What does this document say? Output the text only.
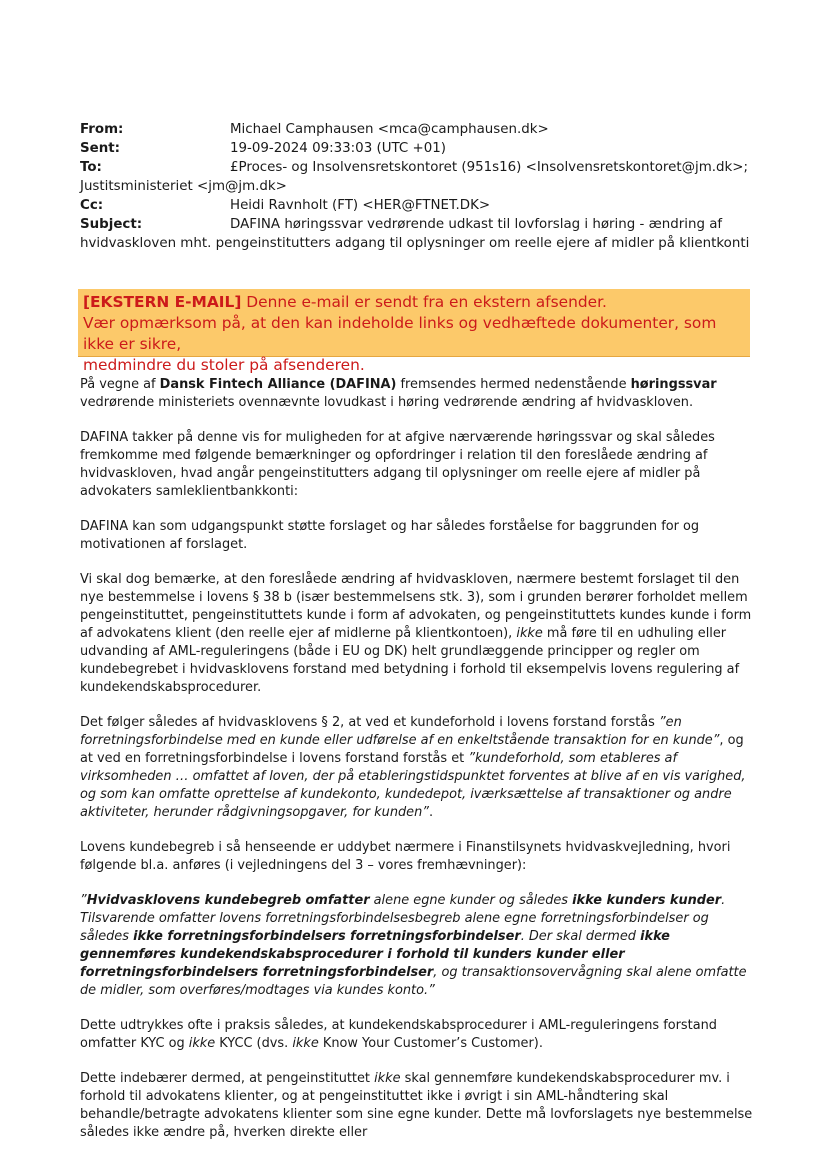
From:	Michael Camphausen <mca@camphausen.dk>
Sent:	19-09-2024 09:33:03 (UTC +01)
To:	£Proces- og Insolvensretskontoret (951s16) <Insolvensretskontoret@jm.dk>;
Justitsministeriet <jm@jm.dk>
Cc:	Heidi Ravnholt (FT) <HER@FTNET.DK>
Subject:	DAFINA høringssvar vedrørende udkast til lovforslag i høring - ændring af
hvidvaskloven mht. pengeinstitutters adgang til oplysninger om reelle ejere af midler på klientkonti
[EKSTERN E-MAIL] Denne e-mail er sendt fra en ekstern afsender.
Vær opmærksom på, at den kan indeholde links og vedhæftede dokumenter, som ikke er sikre,
medmindre du stoler på afsenderen.

På vegne af Dansk Fintech Alliance (DAFINA) fremsendes hermed nedenstående høringssvar vedrørende ministeriets ovennævnte lovudkast i høring vedrørende ændring af hvidvaskloven.

DAFINA takker på denne vis for muligheden for at afgive nærværende høringssvar og skal således fremkomme med følgende bemærkninger og opfordringer i relation til den foreslåede ændring af hvidvaskloven, hvad angår pengeinstitutters adgang til oplysninger om reelle ejere af midler på advokaters samleklientbankkonti:

DAFINA kan som udgangspunkt støtte forslaget og har således forståelse for baggrunden for og motivationen af forslaget.

Vi skal dog bemærke, at den foreslåede ændring af hvidvaskloven, nærmere bestemt forslaget til den nye bestemmelse i lovens § 38 b (især bestemmelsens stk. 3), som i grunden berører forholdet mellem pengeinstituttet, pengeinstituttets kunde i form af advokaten, og pengeinstituttets kundes kunde i form af advokatens klient (den reelle ejer af midlerne på klientkontoen), ikke må føre til en udhuling eller udvanding af AML-reguleringens (både i EU og DK) helt grundlæggende principper og regler om kundebegrebet i hvidvasklovens forstand med betydning i forhold til eksempelvis lovens regulering af kundekendskabsprocedurer.

Det følger således af hvidvasklovens § 2, at ved et kundeforhold i lovens forstand forstås ”en forretningsforbindelse med en kunde eller udførelse af en enkeltstående transaktion for en kunde”, og at ved en forretningsforbindelse i lovens forstand forstås et ”kundeforhold, som etableres af virksomheden … omfattet af loven, der på etableringstidspunktet forventes at blive af en vis varighed, og som kan omfatte oprettelse af kundekonto, kundedepot, iværksættelse af transaktioner og andre aktiviteter, herunder rådgivningsopgaver, for kunden”.

Lovens kundebegreb i så henseende er uddybet nærmere i Finanstilsynets hvidvaskvejledning, hvori følgende bl.a. anføres (i vejledningens del 3 – vores fremhævninger):

”Hvidvasklovens kundebegreb omfatter alene egne kunder og således ikke kunders kunder. Tilsvarende omfatter lovens forretningsforbindelsesbegreb alene egne forretningsforbindelser og således ikke forretningsforbindelsers forretningsforbindelser. Der skal dermed ikke gennemføres kundekendskabsprocedurer i forhold til kunders kunder eller forretningsforbindelsers forretningsforbindelser, og transaktionsovervågning skal alene omfatte de midler, som overføres/modtages via kundes konto.”

Dette udtrykkes ofte i praksis således, at kundekendskabsprocedurer i AML-reguleringens forstand omfatter KYC og ikke KYCC (dvs. ikke Know Your Customer’s Customer).

Dette indebærer dermed, at pengeinstituttet ikke skal gennemføre kundekendskabsprocedurer mv. i forhold til advokatens klienter, og at pengeinstituttet ikke i øvrigt i sin AML-håndtering skal behandle/betragte advokatens klienter som sine egne kunder. Dette må lovforslagets nye bestemmelse således ikke ændre på, hverken direkte eller
